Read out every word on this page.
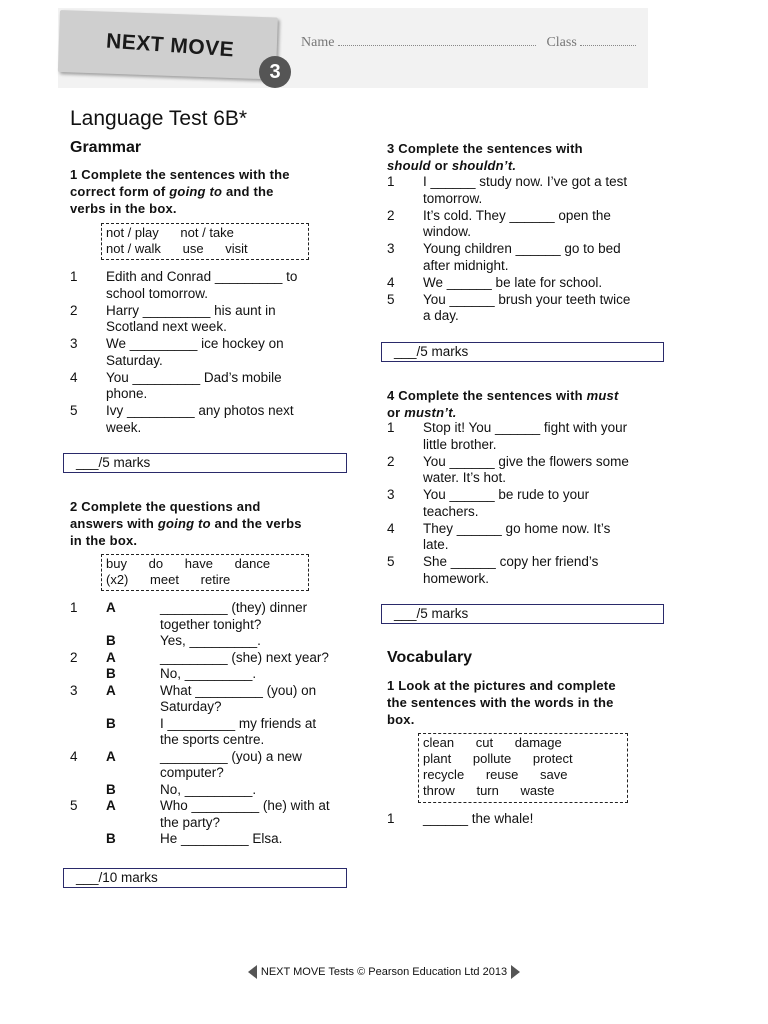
NEXT MOVE
3
Name	Class
Language Test 6B*
Grammar
1 Complete the sentences with the
correct form of going to and the
verbs in the box.
not / play      not / take
not / walk      use      visit
1 Edith and Conrad _________ to
school tomorrow.
2 Harry _________ his aunt in
Scotland next week.
3 We _________ ice hockey on
Saturday.
4 You _________ Dad’s mobile
phone.
5 Ivy _________ any photos next
week.
___/5 marks
2 Complete the questions and
answers with going to and the verbs
in the box.
buy      do      have      dance
(x2)      meet      retire
1 A	_________ (they) dinner
together tonight?
B	Yes, _________.
2 A	_________ (she) next year?
B	No, _________.
3 A	What _________ (you) on
Saturday?
B	I _________ my friends at
the sports centre.
4 A	_________ (you) a new
computer?
B	No, _________.
5 A	Who _________ (he) with at
the party?
B	He _________ Elsa.
___/10 marks
3 Complete the sentences with
should or shouldn’t.
1 I ______ study now. I’ve got a test
tomorrow.
2 It’s cold. They ______ open the
window.
3 Young children ______ go to bed
after midnight.
4 We ______ be late for school.
5 You ______ brush your teeth twice
a day.
___/5 marks
4 Complete the sentences with must
or mustn’t.
1 Stop it! You ______ fight with your
little brother.
2 You ______ give the flowers some
water. It’s hot.
3 You ______ be rude to your
teachers.
4 They ______ go home now. It’s
late.
5 She ______ copy her friend’s
homework.
___/5 marks
Vocabulary
1 Look at the pictures and complete
the sentences with the words in the
box.
clean      cut      damage
plant      pollute      protect
recycle      reuse      save
throw      turn      waste
1 ______ the whale!
NEXT MOVE Tests © Pearson Education Ltd 2013
